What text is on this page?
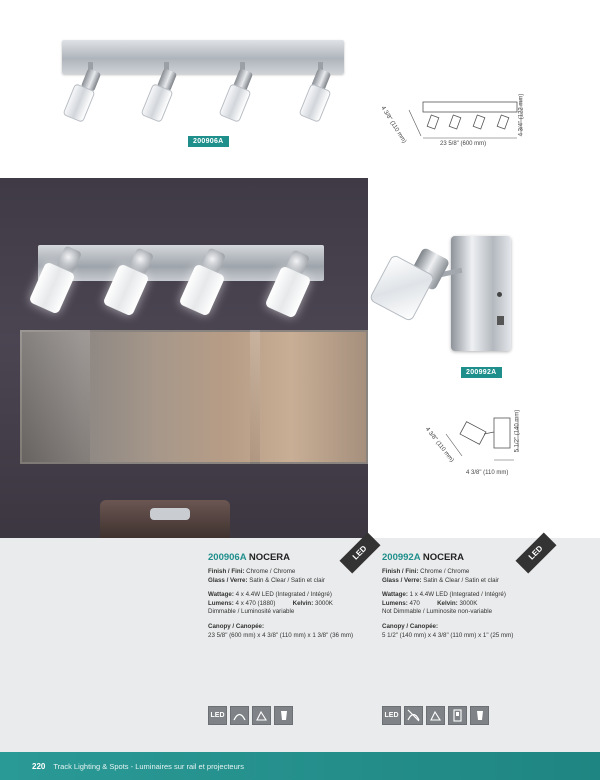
200906A	4 3/8" (110 mm)	23 5/8" (600 mm)
4 3/4" (122 mm)
200992A
4 3/8" (110 mm)
4 3/8" (110 mm)
5 1/2" (140 mm)
LED	LED
200906A NOCERA
Finish / Fini: Chrome / Chrome
Glass / Verre: Satin & Clear / Satin et clair
Wattage: 4 x 4.4W LED (Integrated / Intégré)
Lumens: 4 x 470 (1880)	Kelvin: 3000K
Dimmable / Luminosité variable
Canopy / Canopée:
23 5/8" (600 mm) x 4 3/8" (110 mm) x 1 3/8" (36 mm)
200992A NOCERA
Finish / Fini: Chrome / Chrome
Glass / Verre: Satin & Clear / Satin et clair
Wattage: 1 x 4.4W LED (Integrated / Intégré)
Lumens: 470	Kelvin: 3000K
Not Dimmable / Luminosite non-variable
Canopy / Canopée:
5 1/2" (140 mm) x 4 3/8" (110 mm) x 1" (25 mm)
LED	LED
220 Track Lighting & Spots - Luminaires sur rail et projecteurs
